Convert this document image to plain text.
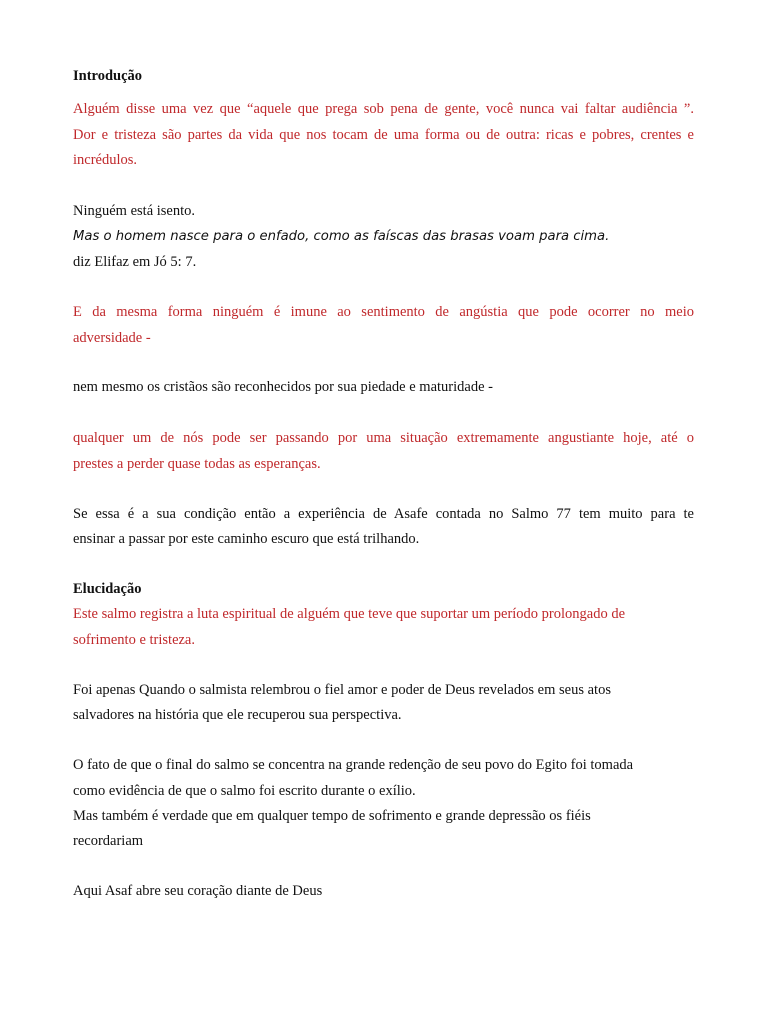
Introdução
Alguém disse uma vez que “aquele que prega sob pena de gente, você nunca vai faltar audiência ”.
Dor e tristeza são partes da vida que nos tocam de uma forma ou de outra: ricas e pobres, crentes e
incrédulos.
Ninguém está isento.
Mas o homem nasce para o enfado, como as faíscas das brasas voam para cima.
diz Elifaz em Jó 5: 7.
E da mesma forma ninguém é imune ao sentimento de angústia que pode ocorrer no meio
adversidade -
nem mesmo os cristãos são reconhecidos por sua piedade e maturidade -
qualquer um de nós pode ser passando por uma situação extremamente angustiante hoje, até o
prestes a perder quase todas as esperanças.
Se essa é a sua condição então a experiência de Asafe contada no Salmo 77 tem muito para te
ensinar a passar por este caminho escuro que está trilhando.
Elucidação
Este salmo registra a luta espiritual de alguém que teve que suportar um período prolongado de
sofrimento e tristeza.
Foi apenas Quando o salmista relembrou o fiel amor e poder de Deus revelados em seus atos
salvadores na história que ele recuperou sua perspectiva.
O fato de que o final do salmo se concentra na grande redenção de seu povo do Egito foi tomada
como evidência de que o salmo foi escrito durante o exílio.
Mas também é verdade que em qualquer tempo de sofrimento e grande depressão os fiéis
recordariam
Aqui Asaf abre seu coração diante de Deus
